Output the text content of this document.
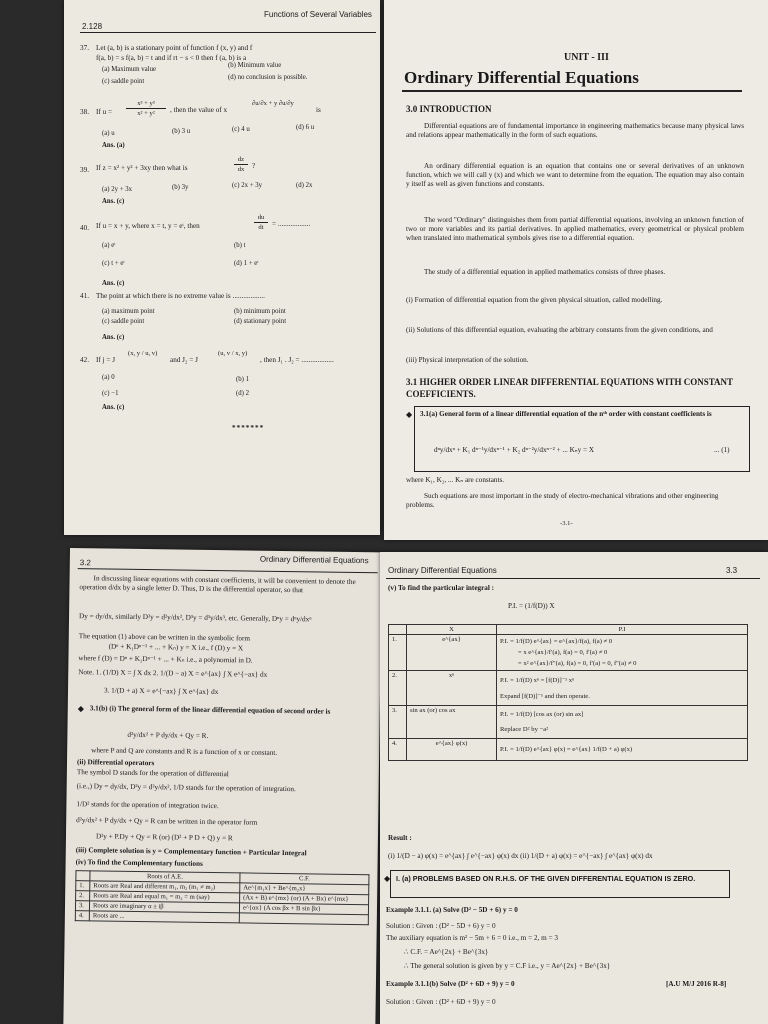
2.128
Functions of Several Variables
37. Let (a, b) is a stationary point of function f (x, y) and f
f(a, b) = s f(a, b) = t and if rt − s < 0 then f (a, b) is a
(a) Maximum value
(b) Minimum value
(c) saddle point
(d) no conclusion is possible.
38. If u =
x³ + y³
x² + y²	, then the value of x
∂u/∂x + y ∂u/∂y
is
(a) u	(b) 3 u	(c) 4 u	(d) 6 u
Ans. (a)
39. If z = x² + y² + 3xy then what is
dz
dx	?
(a) 2y + 3x	(b) 3y	(c) 2x + 3y	(d) 2x
Ans. (c)
40. If u = x + y, where x = t, y = eᵗ, then
du
dt	= ..................
(a) eᵗ	(b) t
(c) t + eᵗ	(d) 1 + eᵗ
Ans. (c)
41. The point at which there is no extreme value is ..................
(a) maximum point	(b) minimum point
(c) saddle point	(d) stationary point
Ans. (c)
42. If j = J
(x, y / u, v)
and J₂ = J
(u, v / x, y)
, then J₁ . J₂ = ..................
(a) 0	(b) 1
(c) −1	(d) 2
Ans. (c)
*******
UNIT - III
Ordinary Differential Equations
3.0 INTRODUCTION
Differential equations are of fundamental importance in engineering mathematics because many physical laws and relations appear mathematically in the form of such equations.
An ordinary differential equation is an equation that contains one or several derivatives of an unknown function, which we will call y (x) and which we want to determine from the equation. The equation may also contain y itself as well as given functions and constants.
The word "Ordinary" distinguishes them from partial differential equations, involving an unknown function of two or more variables and its partial derivatives. In applied mathematics, every geometrical or physical problem when translated into mathematical symbols gives rise to a differential equation.
The study of a differential equation in applied mathematics consists of three phases.
(i) Formation of differential equation from the given physical situation, called modelling.
(ii) Solutions of this differential equation, evaluating the arbitrary constants from the given conditions, and
(iii) Physical interpretation of the solution.
3.1 HIGHER ORDER LINEAR DIFFERENTIAL EQUATIONS WITH CONSTANT COEFFICIENTS.
◆ 3.1(a) General form of a linear differential equation of the nᵗʰ order with constant coefficients is
dⁿy/dxⁿ + K₁ dⁿ⁻¹y/dxⁿ⁻¹ + K₂ dⁿ⁻²y/dxⁿ⁻² + ... Kₙy = X	... (1)
where K₁, K₂, ... Kₙ are constants.
Such equations are most important in the study of electro-mechanical vibrations and other engineering problems.
-3.1-
3.2	Ordinary Differential Equations
In discussing linear equations with constant coefficients, it will be convenient to denote the operation d/dx by a single letter D. Thus, D is the differential operator, so that
Dy = dy/dx, similarly D²y = d²y/dx², D³y = d³y/dx³, etc. Generally, Dⁿy = dⁿy/dxⁿ
The equation (1) above can be written in the symbolic form
(Dⁿ + K₁Dⁿ⁻¹ + ... + Kₙ) y = X i.e., f (D) y = X
where f (D) = Dⁿ + K₁Dⁿ⁻¹ + ... + Kₙ i.e., a polynomial in D.
Note. 1. (1/D) X = ∫ X dx 2. 1/(D − a) X = e^{ax} ∫ X e^{−ax} dx
3. 1/(D + a) X = e^{−ax} ∫ X e^{ax} dx
◆ 3.1(b) (i) The general form of the linear differential equation of second order is
d²y/dx² + P dy/dx + Qy = R.
where P and Q are constants and R is a function of x or constant.
(ii) Differential operators
The symbol D stands for the operation of differential
(i.e.,) Dy = dy/dx, D²y = d²y/dx², 1/D stands for the operation of integration.
1/D² stands for the operation of integration twice.
d²y/dx² + P dy/dx + Qy = R can be written in the operator form
D²y + P.Dy + Qy = R (or) (D² + P D + Q) y = R
(iii) Complete solution is y = Complementary function + Particular Integral
(iv) To find the Complementary functions
	Roots of A.E.	C.F.
1.	Roots are Real and different m₁, m₂ (m₁ ≠ m₂)	Ae^{m₁x} + Be^{m₂x}
2.	Roots are Real and equal m₁ = m₂ = m (say)	(Ax + B) e^{mx} (or) (A + Bx) e^{mx}
3.	Roots are imaginary α ± iβ	e^{αx} (A cos βx + B sin βx)
4.	Roots are ...	
Ordinary Differential Equations	3.3
(v) To find the particular integral :
P.I. = (1/f(D)) X
	X	P.I
1.	e^{ax}	P.I. = 1/f(D) e^{ax} = e^{ax}/f(a), f(a) ≠ 0
= x e^{ax}/f′(a), f(a) = 0, f′(a) ≠ 0
= x² e^{ax}/f″(a), f(a) = 0, f′(a) = 0, f″(a) ≠ 0

2.	xⁿ	P.I. = 1/f(D) xⁿ = [f(D)]⁻¹ xⁿ
Expand [f(D)]⁻¹ and then operate.

3.	sin ax (or) cos ax	P.I. = 1/f(D) [cos ax (or) sin ax]
Replace D² by −a²

4.	e^{ax} φ(x)	P.I. = 1/f(D) e^{ax} φ(x) = e^{ax} 1/f(D + a) φ(x)
Result :
(i) 1/(D − a) φ(x) = e^{ax} ∫ e^{−ax} φ(x) dx (ii) 1/(D + a) φ(x) = e^{−ax} ∫ e^{ax} φ(x) dx
◆ I. (a) PROBLEMS BASED ON R.H.S. OF THE GIVEN DIFFERENTIAL EQUATION IS ZERO.
Example 3.1.1. (a) Solve (D² − 5D + 6) y = 0
Solution : Given : (D² − 5D + 6) y = 0
The auxiliary equation is m² − 5m + 6 = 0 i.e., m = 2, m = 3
∴ C.F. = Ae^{2x} + Be^{3x}
∴ The general solution is given by y = C.F i.e., y = Ae^{2x} + Be^{3x}
Example 3.1.1(b) Solve (D² + 6D + 9) y = 0	[A.U M/J 2016 R-8]
Solution : Given : (D² + 6D + 9) y = 0
